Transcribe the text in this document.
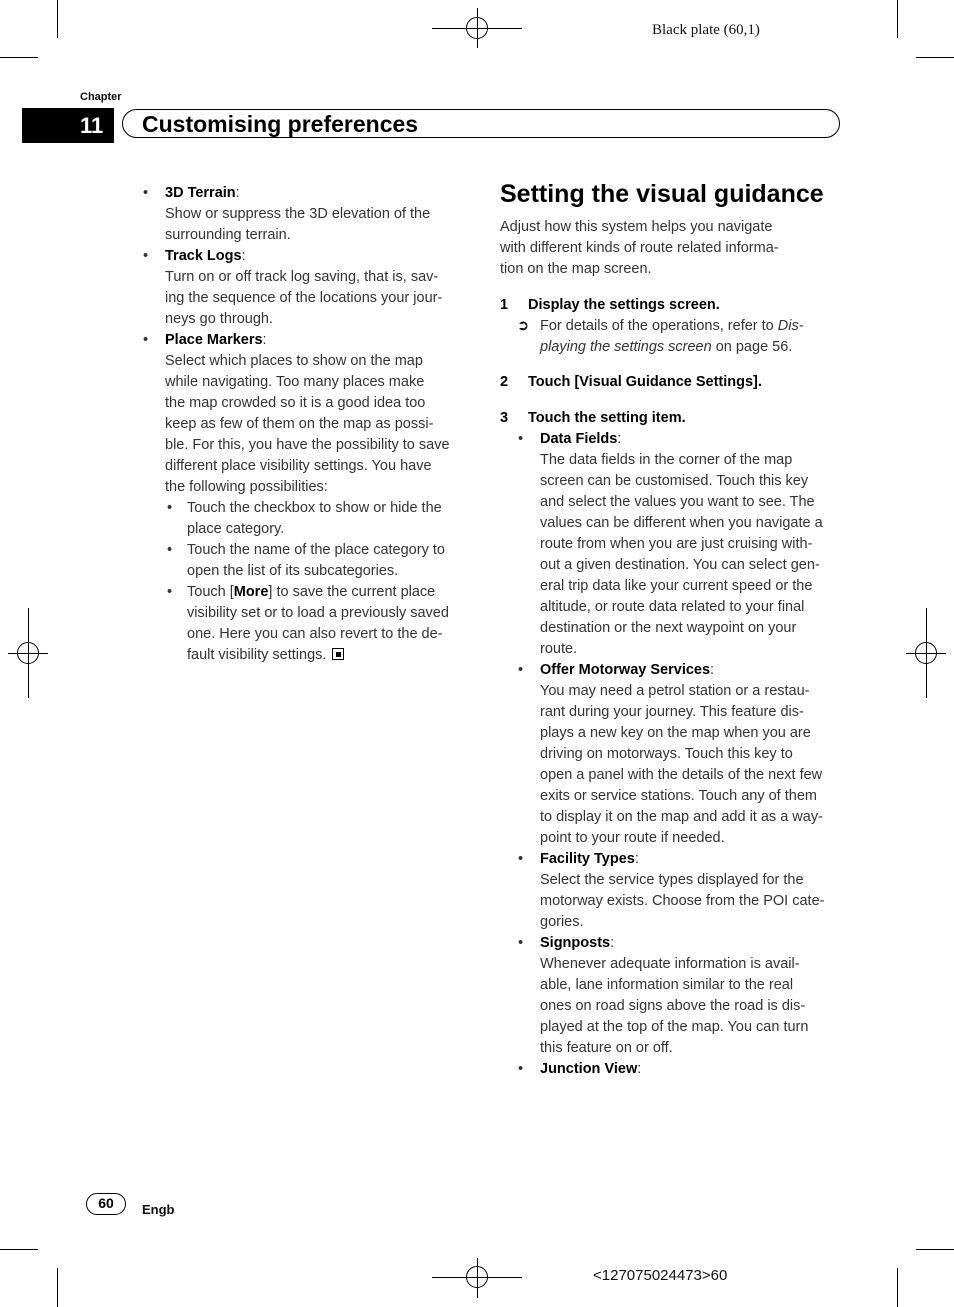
Black plate (60,1)
Chapter
11	Customising preferences
• 3D Terrain:
Show or suppress the 3D elevation of the
surrounding terrain.
• Track Logs:
Turn on or off track log saving, that is, sav-
ing the sequence of the locations your jour-
neys go through.
• Place Markers:
Select which places to show on the map
while navigating. Too many places make
the map crowded so it is a good idea too
keep as few of them on the map as possi-
ble. For this, you have the possibility to save
different place visibility settings. You have
the following possibilities:
• Touch the checkbox to show or hide the
place category.
• Touch the name of the place category to
open the list of its subcategories.
• Touch [More] to save the current place
visibility set or to load a previously saved
one. Here you can also revert to the de-
fault visibility settings.
Setting the visual guidance
Adjust how this system helps you navigate
with different kinds of route related informa-
tion on the map screen.
1 Display the settings screen.
➲ For details of the operations, refer to Dis-
playing the settings screen on page 56.
2 Touch [Visual Guidance Settings].
3 Touch the setting item.
• Data Fields:
The data fields in the corner of the map
screen can be customised. Touch this key
and select the values you want to see. The
values can be different when you navigate a
route from when you are just cruising with-
out a given destination. You can select gen-
eral trip data like your current speed or the
altitude, or route data related to your final
destination or the next waypoint on your
route.
• Offer Motorway Services:
You may need a petrol station or a restau-
rant during your journey. This feature dis-
plays a new key on the map when you are
driving on motorways. Touch this key to
open a panel with the details of the next few
exits or service stations. Touch any of them
to display it on the map and add it as a way-
point to your route if needed.
• Facility Types:
Select the service types displayed for the
motorway exists. Choose from the POI cate-
gories.
• Signposts:
Whenever adequate information is avail-
able, lane information similar to the real
ones on road signs above the road is dis-
played at the top of the map. You can turn
this feature on or off.
• Junction View:
60	Engb
<127075024473>60
